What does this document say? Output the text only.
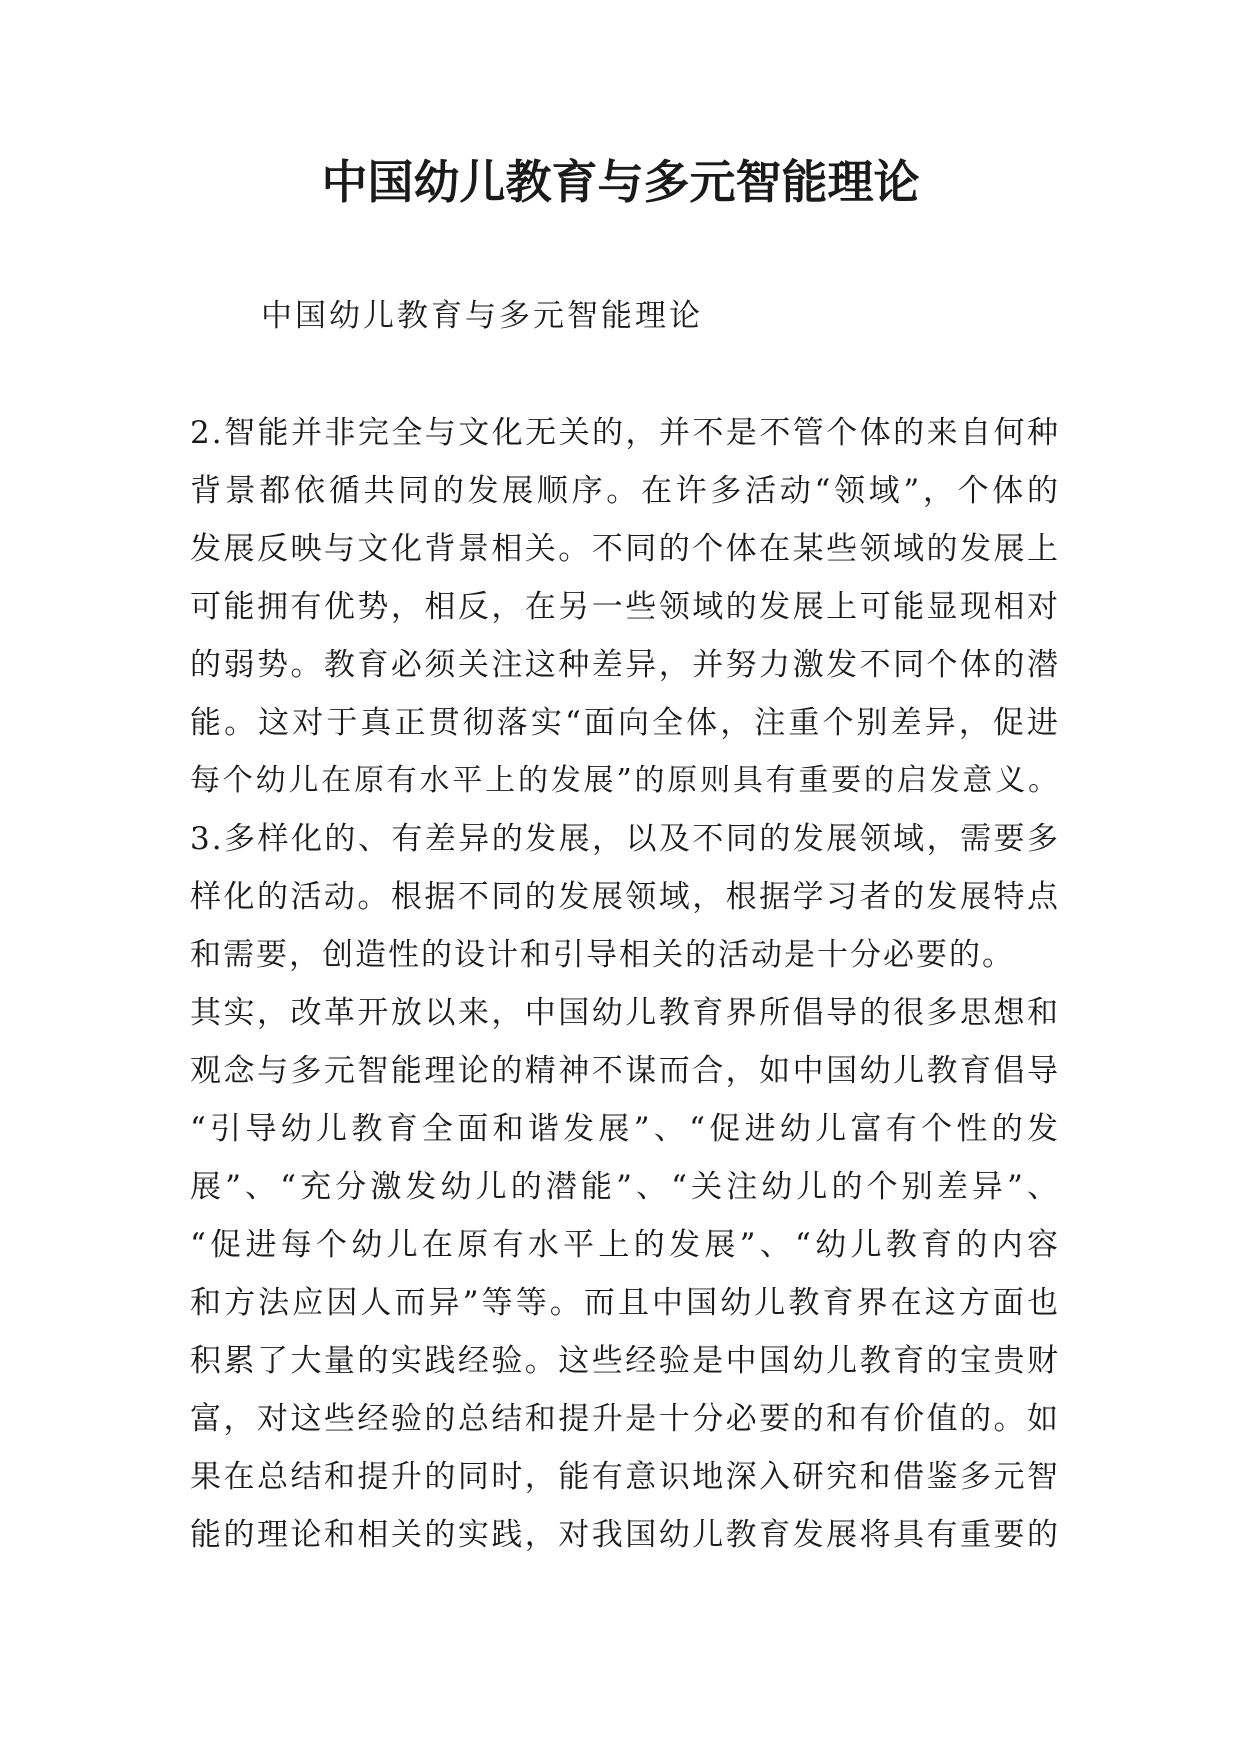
中国幼儿教育与多元智能理论

中国幼儿教育与多元智能理论

2.智能并非完全与文化无关的，并不是不管个体的来自何种
背景都依循共同的发展顺序。在许多活动“领域”，个体的
发展反映与文化背景相关。不同的个体在某些领域的发展上
可能拥有优势，相反，在另一些领域的发展上可能显现相对
的弱势。教育必须关注这种差异，并努力激发不同个体的潜
能。这对于真正贯彻落实“面向全体，注重个别差异，促进
每个幼儿在原有水平上的发展”的原则具有重要的启发意义。
3.多样化的、有差异的发展，以及不同的发展领域，需要多
样化的活动。根据不同的发展领域，根据学习者的发展特点
和需要，创造性的设计和引导相关的活动是十分必要的。
其实，改革开放以来，中国幼儿教育界所倡导的很多思想和
观念与多元智能理论的精神不谋而合，如中国幼儿教育倡导
“引导幼儿教育全面和谐发展”、“促进幼儿富有个性的发
展”、“充分激发幼儿的潜能”、“关注幼儿的个别差异”、
“促进每个幼儿在原有水平上的发展”、“幼儿教育的内容
和方法应因人而异”等等。而且中国幼儿教育界在这方面也
积累了大量的实践经验。这些经验是中国幼儿教育的宝贵财
富，对这些经验的总结和提升是十分必要的和有价值的。如
果在总结和提升的同时，能有意识地深入研究和借鉴多元智
能的理论和相关的实践，对我国幼儿教育发展将具有重要的
